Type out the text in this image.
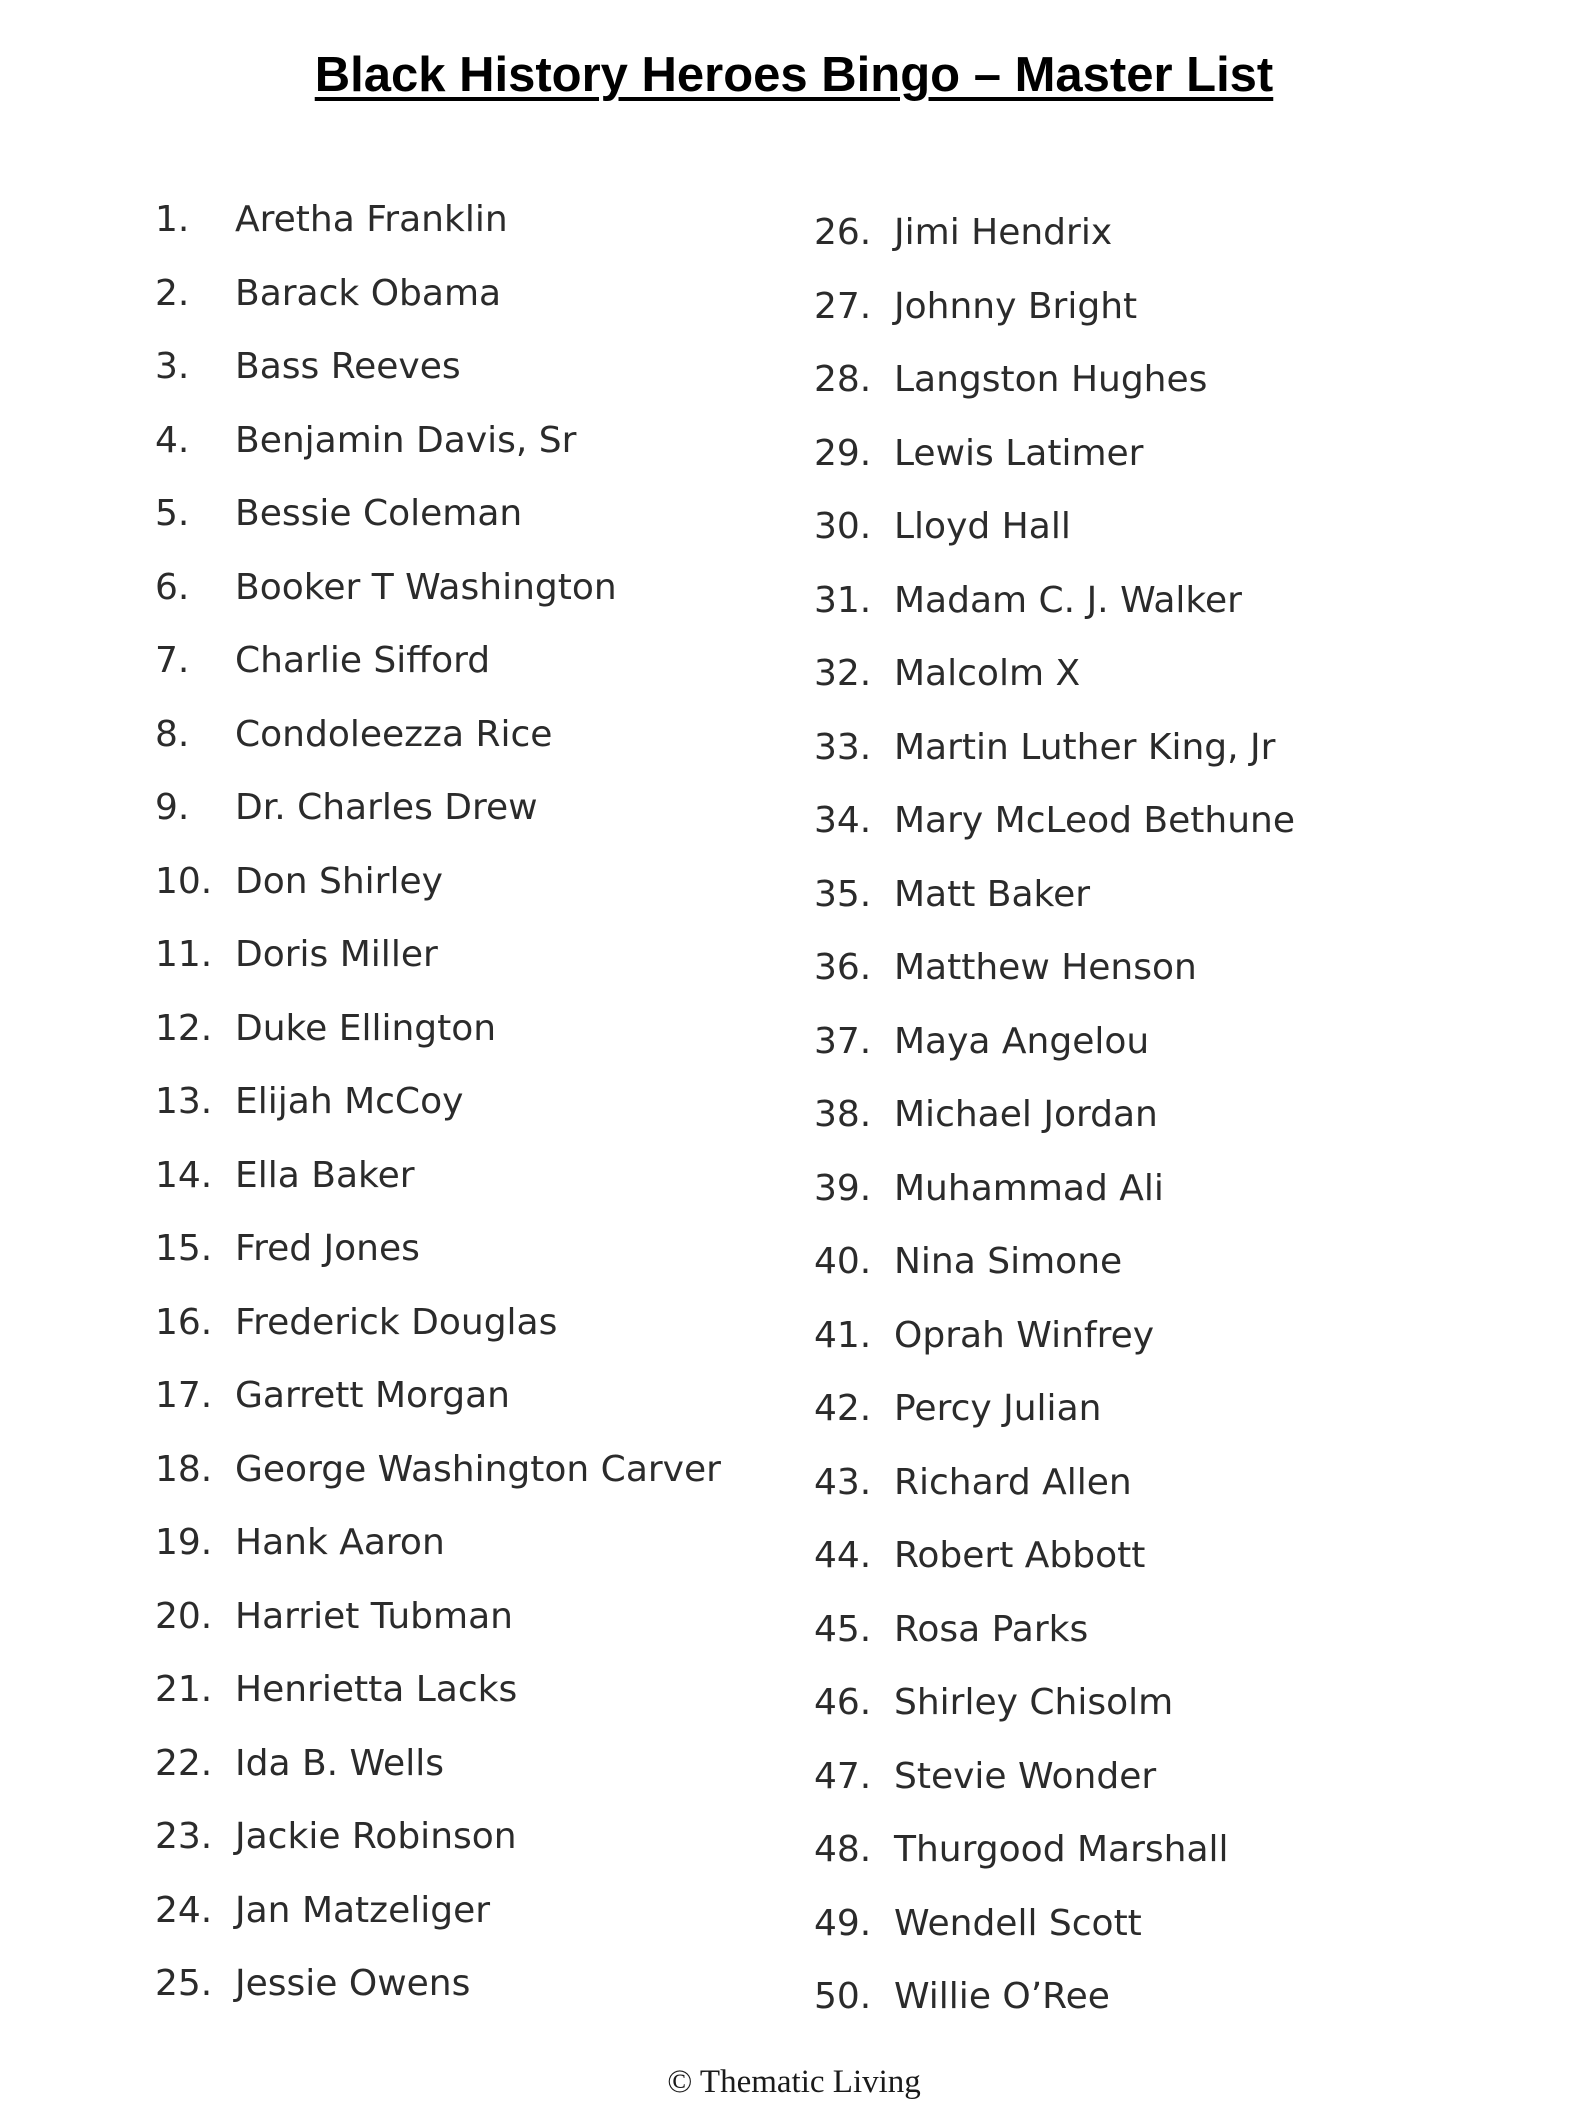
Black History Heroes Bingo – Master List
1.	Aretha Franklin
2.	Barack Obama
3.	Bass Reeves
4.	Benjamin Davis, Sr
5.	Bessie Coleman
6.	Booker T Washington
7.	Charlie Sifford
8.	Condoleezza Rice
9.	Dr. Charles Drew
10. Don Shirley
11. Doris Miller
12. Duke Ellington
13. Elijah McCoy
14. Ella Baker
15. Fred Jones
16. Frederick Douglas
17. Garrett Morgan
18. George Washington Carver
19. Hank Aaron
20. Harriet Tubman
21. Henrietta Lacks
22. Ida B. Wells
23. Jackie Robinson
24. Jan Matzeliger
25. Jessie Owens
26. Jimi Hendrix
27. Johnny Bright
28. Langston Hughes
29. Lewis Latimer
30. Lloyd Hall
31. Madam C. J. Walker
32. Malcolm X
33. Martin Luther King, Jr
34. Mary McLeod Bethune
35. Matt Baker
36. Matthew Henson
37. Maya Angelou
38. Michael Jordan
39. Muhammad Ali
40. Nina Simone
41. Oprah Winfrey
42. Percy Julian
43. Richard Allen
44. Robert Abbott
45. Rosa Parks
46. Shirley Chisolm
47. Stevie Wonder
48. Thurgood Marshall
49. Wendell Scott
50. Willie O’Ree
© Thematic Living
